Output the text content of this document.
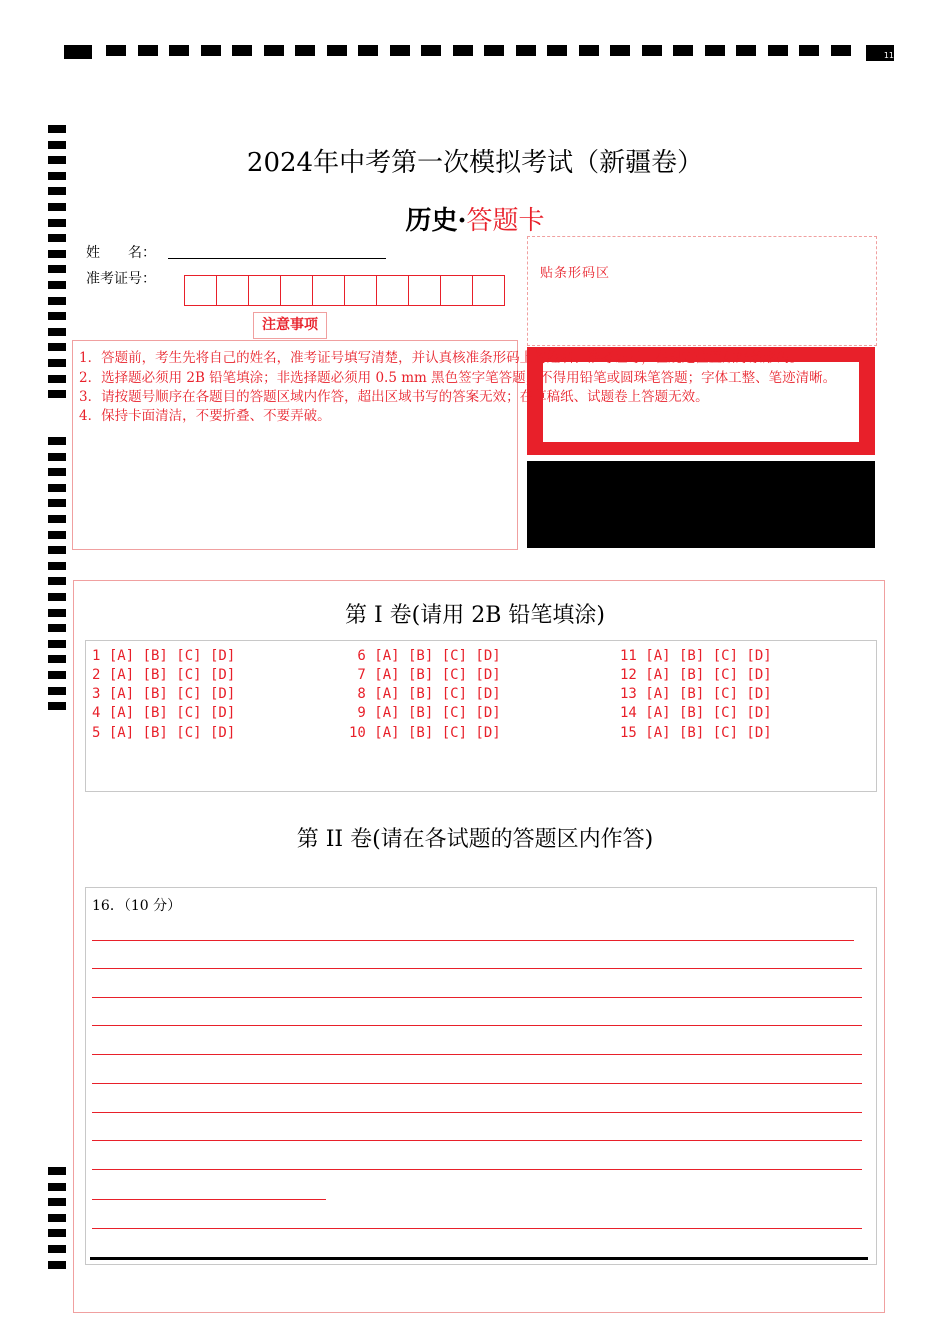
11
2024年中考第一次模拟考试（新疆卷）
历史·答题卡
姓　　名：
准考证号：
注意事项
贴条形码区
1．答题前，考生先将自己的姓名，准考证号填写清楚，并认真核准条形码上的姓名、准考证号，在规定位置贴好条形码。
2．选择题必须用 2B 铅笔填涂；非选择题必须用 0.5 mm 黑色签字笔答题，不得用铅笔或圆珠笔答题；字体工整、笔迹清晰。
3．请按题号顺序在各题目的答题区域内作答，超出区域书写的答案无效；在草稿纸、试题卷上答题无效。
4．保持卡面清洁，不要折叠、不要弄破。
第 I 卷(请用 2B 铅笔填涂)
1 [A] [B] [C] [D]
2 [A] [B] [C] [D]
3 [A] [B] [C] [D]
4 [A] [B] [C] [D]
5 [A] [B] [C] [D]
6 [A] [B] [C] [D]
7 [A] [B] [C] [D]
8 [A] [B] [C] [D]
9 [A] [B] [C] [D]
10 [A] [B] [C] [D]
11 [A] [B] [C] [D]
12 [A] [B] [C] [D]
13 [A] [B] [C] [D]
14 [A] [B] [C] [D]
15 [A] [B] [C] [D]
第 II 卷(请在各试题的答题区内作答)
16．（10 分）
